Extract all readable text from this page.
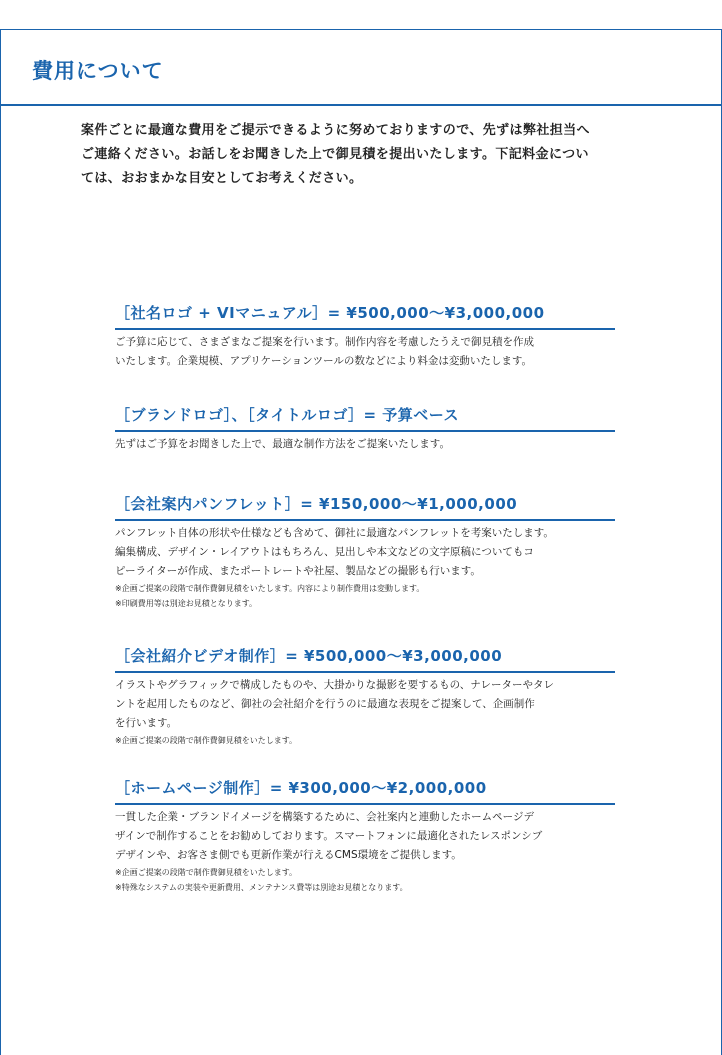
費用について

案件ごとに最適な費用をご提示できるように努めておりますので、先ずは弊社担当へ
ご連絡ください。お話しをお聞きした上で御見積を提出いたします。下記料金につい
ては、おおまかな目安としてお考えください。

［社名ロゴ + VIマニュアル］= ¥500,000〜¥3,000,000
ご予算に応じて、さまざまなご提案を行います。制作内容を考慮したうえで御見積を作成
いたします。企業規模、アプリケーションツールの数などにより料金は変動いたします。
［ブランドロゴ］、［タイトルロゴ］= 予算ベース
先ずはご予算をお聞きした上で、最適な制作方法をご提案いたします。
［会社案内パンフレット］= ¥150,000〜¥1,000,000
パンフレット自体の形状や仕様なども含めて、御社に最適なパンフレットを考案いたします。
編集構成、デザイン・レイアウトはもちろん、見出しや本文などの文字原稿についてもコ
ピーライターが作成、またポートレートや社屋、製品などの撮影も行います。
※企画ご提案の段階で制作費御見積をいたします。内容により制作費用は変動します。
※印刷費用等は別途お見積となります。
［会社紹介ビデオ制作］= ¥500,000〜¥3,000,000
イラストやグラフィックで構成したものや、大掛かりな撮影を要するもの、ナレーターやタレ
ントを起用したものなど、御社の会社紹介を行うのに最適な表現をご提案して、企画制作
を行います。
※企画ご提案の段階で制作費御見積をいたします。
［ホームページ制作］= ¥300,000〜¥2,000,000
一貫した企業・ブランドイメージを構築するために、会社案内と連動したホームページデ
ザインで制作することをお勧めしております。スマートフォンに最適化されたレスポンシブ
デザインや、お客さま側でも更新作業が行えるCMS環境をご提供します。
※企画ご提案の段階で制作費御見積をいたします。
※特殊なシステムの実装や更新費用、メンテナンス費等は別途お見積となります。
